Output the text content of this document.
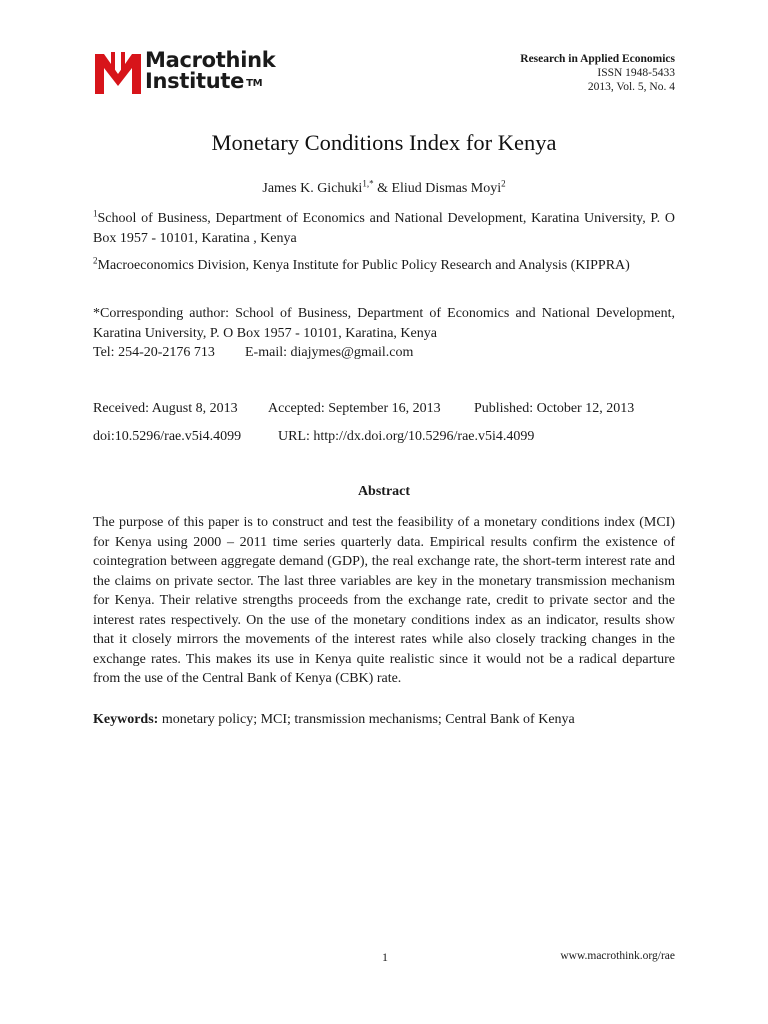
Macrothink
Institute ™
Research in Applied Economics
ISSN 1948-5433
2013, Vol. 5, No. 4
Monetary Conditions Index for Kenya
James K. Gichuki$^{1,*}$ & Eliud Dismas Moyi$^2$

$^1$School of Business, Department of Economics and National Development, Karatina University, P. O Box 1957 - 10101, Karatina , Kenya

$^2$Macroeconomics Division, Kenya Institute for Public Policy Research and Analysis (KIPPRA)

*Corresponding author: School of Business, Department of Economics and National Development, Karatina University, P. O Box 1957 - 10101, Karatina, Kenya
Tel: 254-20-2176 713 E-mail: diajymes@gmail.com
Received: August 8, 2013 Accepted: September 16, 2013 Published: October 12, 2013
doi:10.5296/rae.v5i4.4099	URL: http://dx.doi.org/10.5296/rae.v5i4.4099
Abstract

The purpose of this paper is to construct and test the feasibility of a monetary conditions index (MCI) for Kenya using 2000 – 2011 time series quarterly data. Empirical results confirm the existence of cointegration between aggregate demand (GDP), the real exchange rate, the short-term interest rate and the claims on private sector. The last three variables are key in the monetary transmission mechanism for Kenya. Their relative strengths proceeds from the exchange rate, credit to private sector and the interest rates respectively. On the use of the monetary conditions index as an indicator, results show that it closely mirrors the movements of the interest rates while also closely tracking changes in the exchange rates. This makes its use in Kenya quite realistic since it would not be a radical departure from the use of the Central Bank of Kenya (CBK) rate.

Keywords: monetary policy; MCI; transmission mechanisms; Central Bank of Kenya
1	www.macrothink.org/rae
